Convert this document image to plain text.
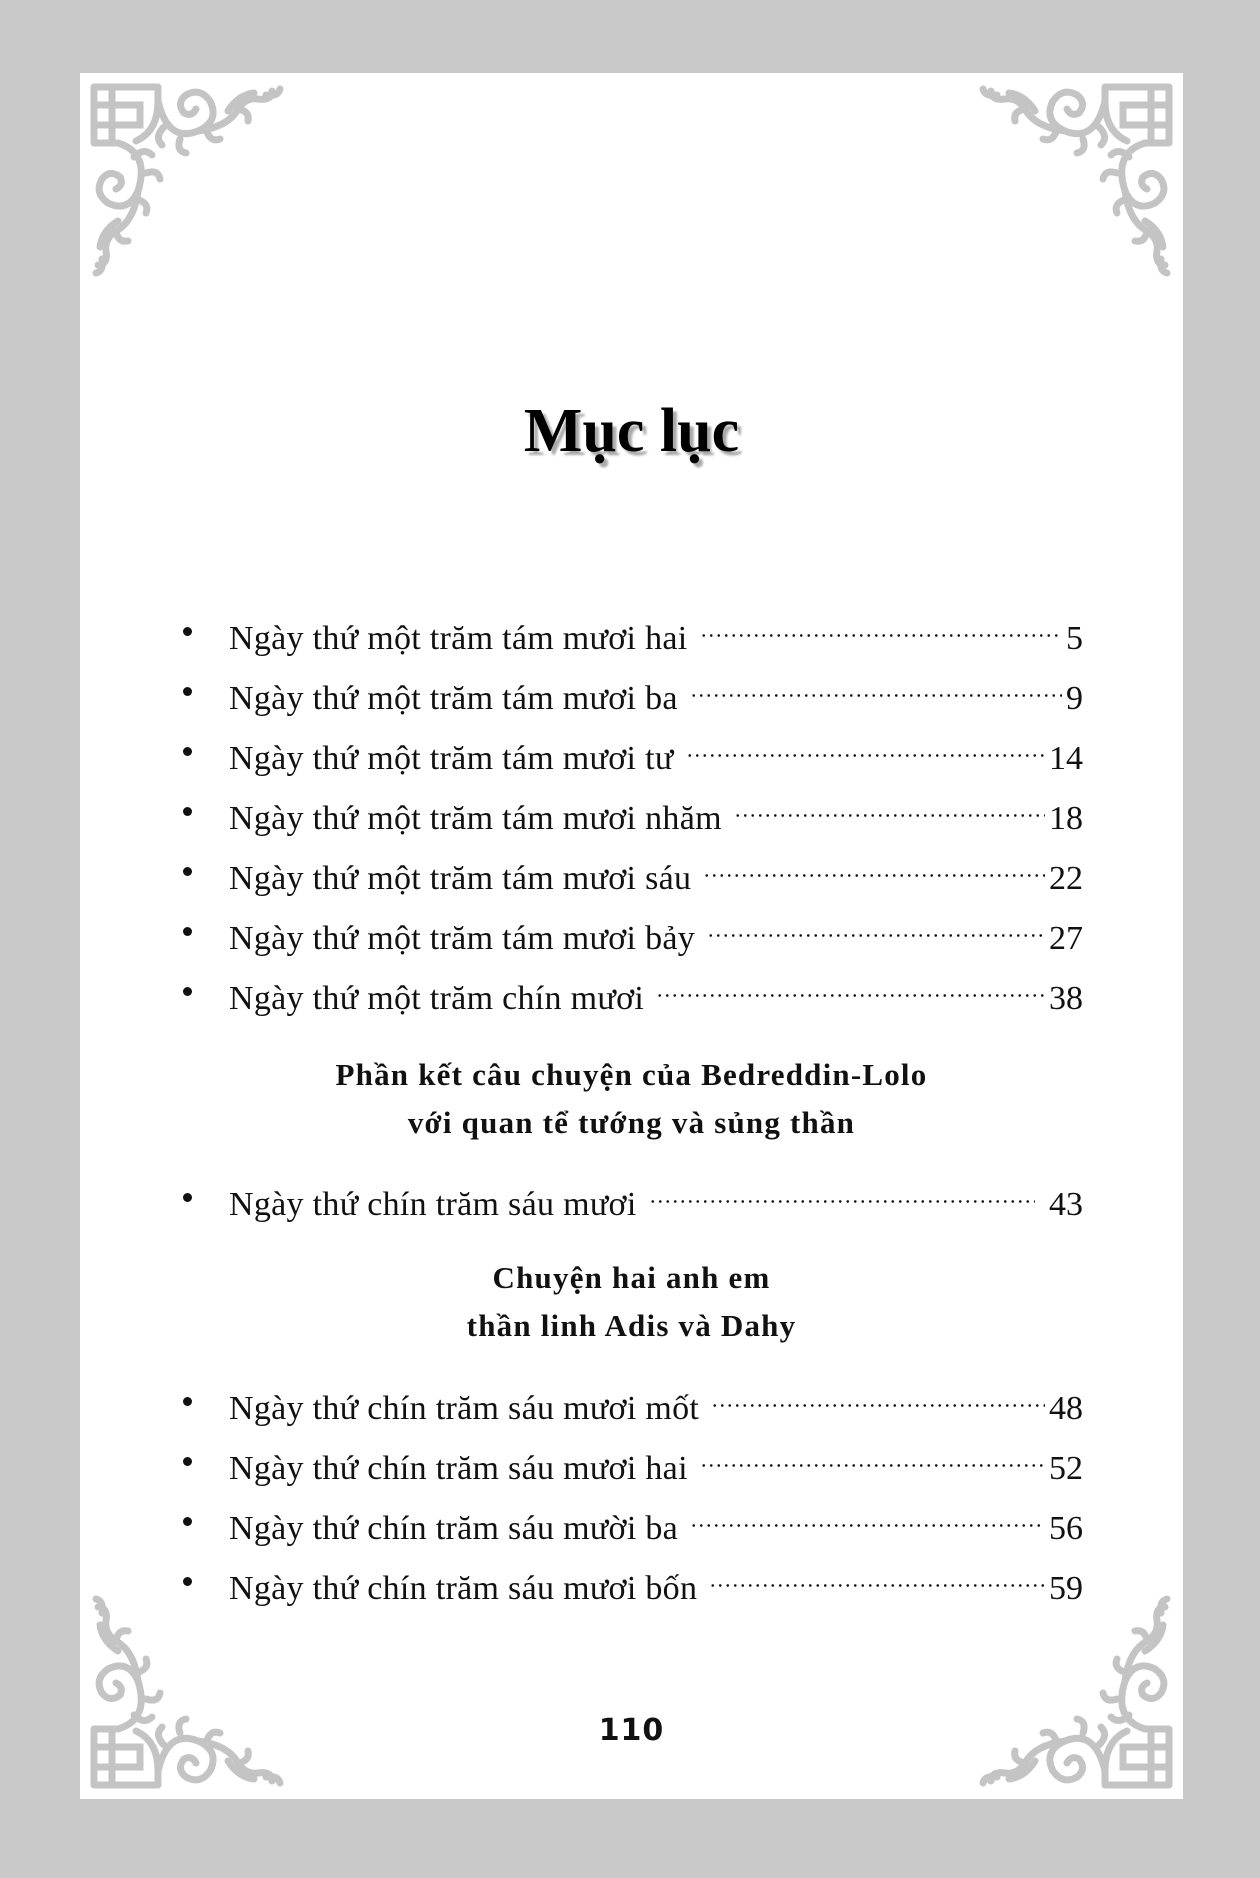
Mục lục
Ngày thứ một trăm tám mươi hai	5
Ngày thứ một trăm tám mươi ba	9
Ngày thứ một trăm tám mươi tư	14
Ngày thứ một trăm tám mươi nhăm	18
Ngày thứ một trăm tám mươi sáu	22
Ngày thứ một trăm tám mươi bảy	27
Ngày thứ một trăm chín mươi	38
Phần kết câu chuyện của Bedreddin-Lolo
với quan tể tướng và sủng thần
Ngày thứ chín trăm sáu mươi	43
Chuyện hai anh em
thần linh Adis và Dahy
Ngày thứ chín trăm sáu mươi mốt	48
Ngày thứ chín trăm sáu mươi hai	52
Ngày thứ chín trăm sáu mười ba	56
Ngày thứ chín trăm sáu mươi bốn	59
110
